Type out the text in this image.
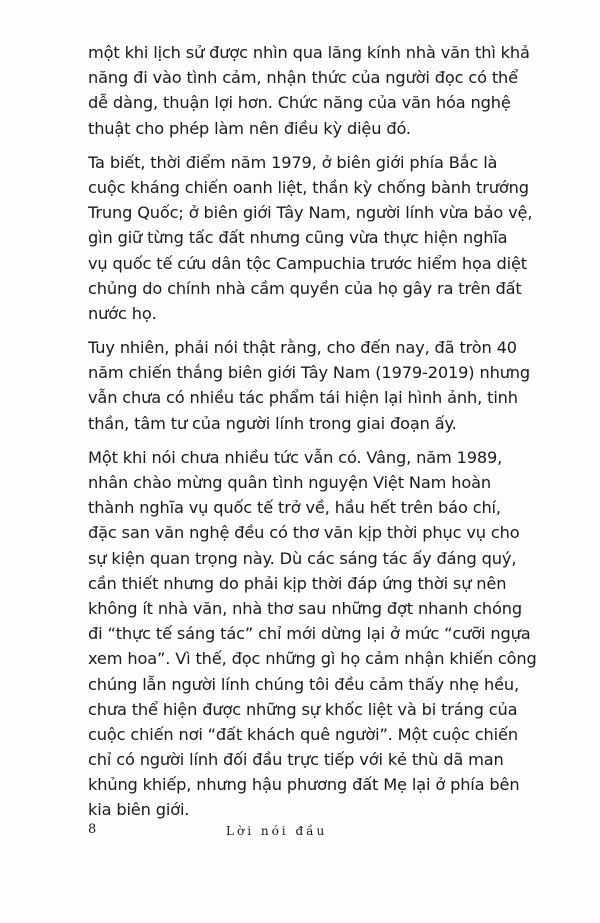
một khi lịch sử được nhìn qua lăng kính nhà văn thì khả
năng đi vào tình cảm, nhận thức của người đọc có thể
dễ dàng, thuận lợi hơn. Chức năng của văn hóa nghệ
thuật cho phép làm nên điều kỳ diệu đó.
Ta biết, thời điểm năm 1979, ở biên giới phía Bắc là
cuộc kháng chiến oanh liệt, thần kỳ chống bành trướng
Trung Quốc; ở biên giới Tây Nam, người lính vừa bảo vệ,
gìn giữ từng tấc đất nhưng cũng vừa thực hiện nghĩa
vụ quốc tế cứu dân tộc Campuchia trước hiểm họa diệt
chủng do chính nhà cầm quyền của họ gây ra trên đất
nước họ.
Tuy nhiên, phải nói thật rằng, cho đến nay, đã tròn 40
năm chiến thắng biên giới Tây Nam (1979-2019) nhưng
vẫn chưa có nhiều tác phẩm tái hiện lại hình ảnh, tinh
thần, tâm tư của người lính trong giai đoạn ấy.
Một khi nói chưa nhiều tức vẫn có. Vâng, năm 1989,
nhân chào mừng quân tình nguyện Việt Nam hoàn
thành nghĩa vụ quốc tế trở về, hầu hết trên báo chí,
đặc san văn nghệ đều có thơ văn kịp thời phục vụ cho
sự kiện quan trọng này. Dù các sáng tác ấy đáng quý,
cần thiết nhưng do phải kịp thời đáp ứng thời sự nên
không ít nhà văn, nhà thơ sau những đợt nhanh chóng
đi “thực tế sáng tác” chỉ mới dừng lại ở mức “cưỡi ngựa
xem hoa”. Vì thế, đọc những gì họ cảm nhận khiến công
chúng lẫn người lính chúng tôi đều cảm thấy nhẹ hều,
chưa thể hiện được những sự khốc liệt và bi tráng của
cuộc chiến nơi “đất khách quê người”. Một cuộc chiến
chỉ có người lính đối đầu trực tiếp với kẻ thù dã man
khủng khiếp, nhưng hậu phương đất Mẹ lại ở phía bên
kia biên giới.
8	Lời nói đầu
